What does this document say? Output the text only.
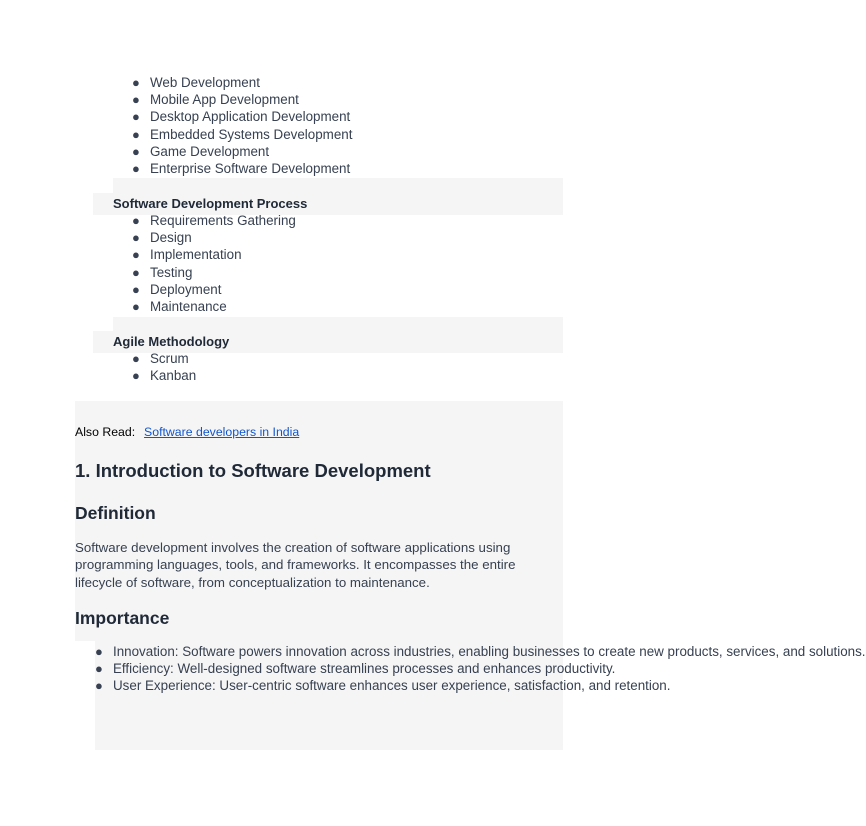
● Web Development
● Mobile App Development
● Desktop Application Development
● Embedded Systems Development
● Game Development
● Enterprise Software Development
Software Development Process
● Requirements Gathering
● Design
● Implementation
● Testing
● Deployment
● Maintenance
Agile Methodology
● Scrum
● Kanban
Also Read: Software developers in India
1. Introduction to Software Development
Definition
Software development involves the creation of software applications using programming languages, tools, and frameworks. It encompasses the entire lifecycle of software, from conceptualization to maintenance.
Importance
● Innovation: Software powers innovation across industries, enabling businesses to create new products, services, and solutions.
● Efficiency: Well-designed software streamlines processes and enhances productivity.
● User Experience: User-centric software enhances user experience, satisfaction, and retention.
